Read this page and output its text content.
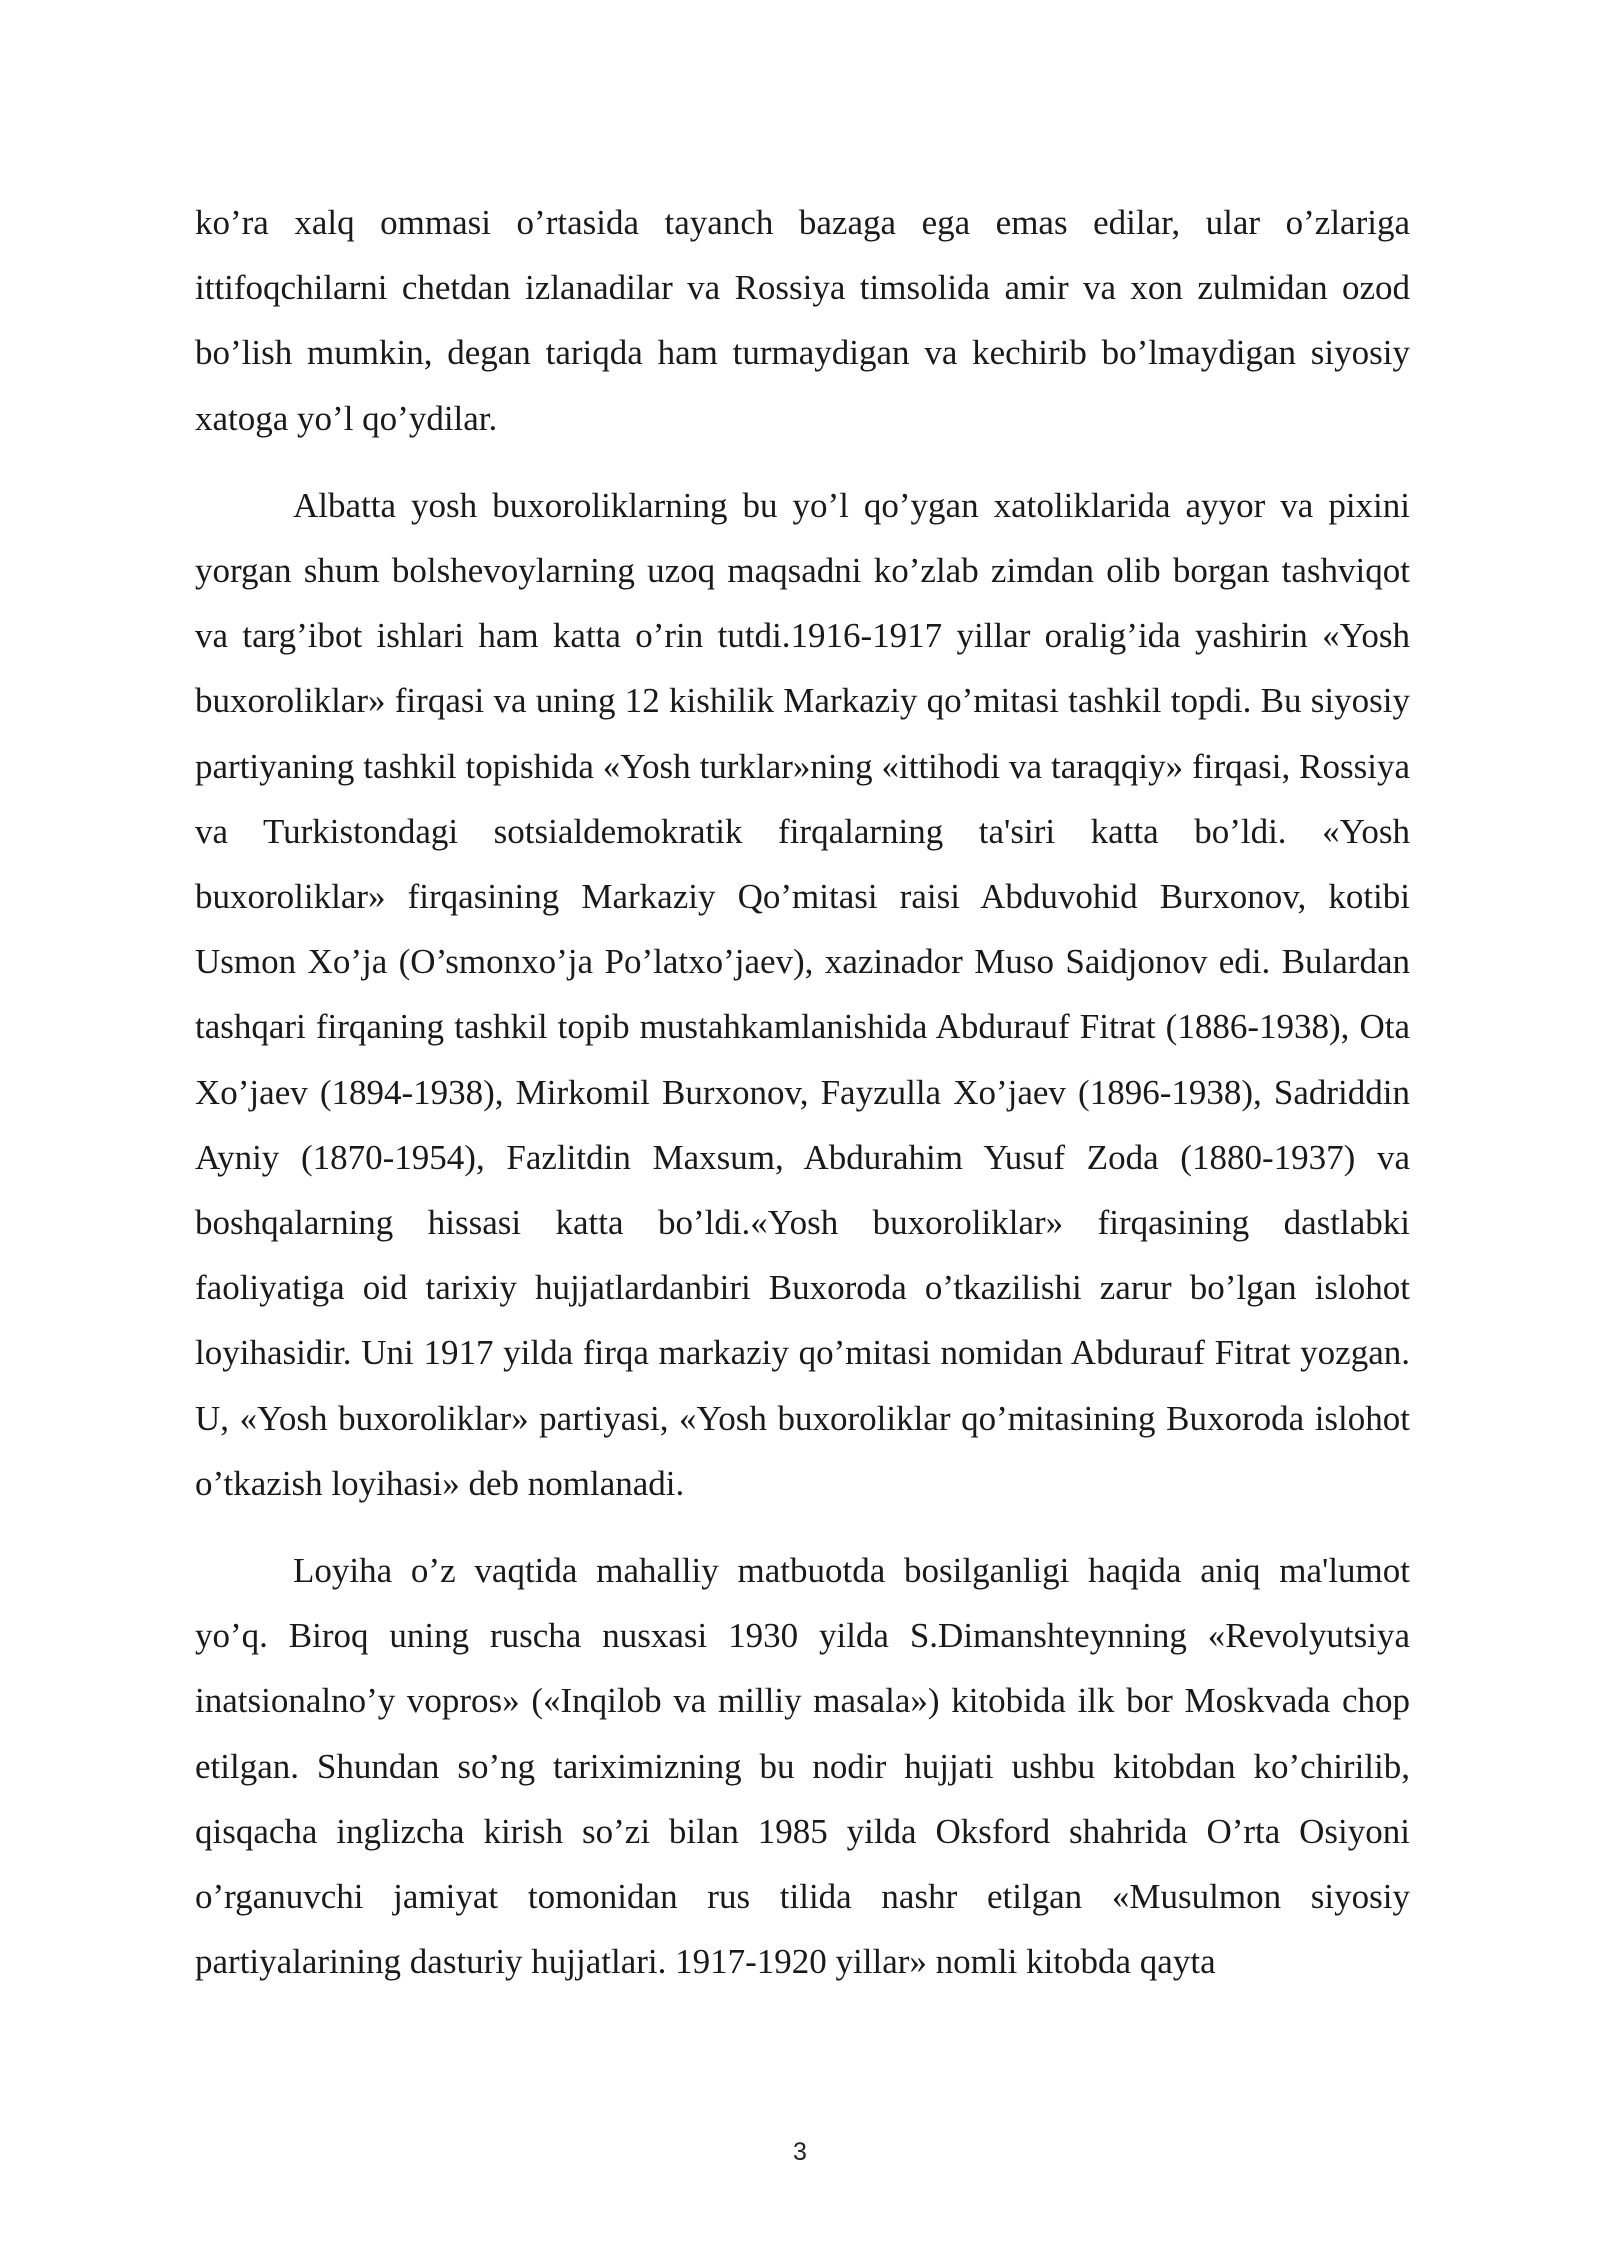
ko’ra xalq ommasi o’rtasida tayanch bazaga ega emas edilar, ular o’zlariga ittifoqchilarni chetdan izlanadilar va Rossiya timsolida amir va xon zulmidan ozod bo’lish mumkin, degan tariqda ham turmaydigan va kechirib bo’lmaydigan siyosiy xatoga yo’l qo’ydilar.

Albatta yosh buxoroliklarning bu yo’l qo’ygan xatoliklarida ayyor va pixini yorgan shum bolshevoylarning uzoq maqsadni ko’zlab zimdan olib borgan tashviqot va targ’ibot ishlari ham katta o’rin tutdi.1916-1917 yillar oralig’ida yashirin «Yosh buxoroliklar» firqasi va uning 12 kishilik Markaziy qo’mitasi tashkil topdi. Bu siyosiy partiyaning tashkil topishida «Yosh turklar»ning «ittihodi va taraqqiy» firqasi, Rossiya va Turkistondagi sotsialdemokratik firqalarning ta'siri katta bo’ldi. «Yosh buxoroliklar» firqasining Markaziy Qo’mitasi raisi Abduvohid Burxonov, kotibi Usmon Xo’ja (O’smonxo’ja Po’latxo’jaev), xazinador Muso Saidjonov edi. Bulardan tashqari firqaning tashkil topib mustahkamlanishida Abdurauf Fitrat (1886-1938), Ota Xo’jaev (1894-1938), Mirkomil Burxonov, Fayzulla Xo’jaev (1896-1938), Sadriddin Ayniy (1870-1954), Fazlitdin Maxsum, Abdurahim Yusuf Zoda (1880-1937) va boshqalarning hissasi katta bo’ldi.«Yosh buxoroliklar» firqasining dastlabki faoliyatiga oid tarixiy hujjatlardanbiri Buxoroda o’tkazilishi zarur bo’lgan islohot loyihasidir. Uni 1917 yilda firqa markaziy qo’mitasi nomidan Abdurauf Fitrat yozgan. U, «Yosh buxoroliklar» partiyasi, «Yosh buxoroliklar qo’mitasining Buxoroda islohot o’tkazish loyihasi» deb nomlanadi.

Loyiha o’z vaqtida mahalliy matbuotda bosilganligi haqida aniq ma'lumot yo’q. Biroq uning ruscha nusxasi 1930 yilda S.Dimanshteynning «Revolyutsiya inatsionalno’y vopros» («Inqilob va milliy masala») kitobida ilk bor Moskvada chop etilgan. Shundan so’ng tariximizning bu nodir hujjati ushbu kitobdan ko’chirilib, qisqacha inglizcha kirish so’zi bilan 1985 yilda Oksford shahrida O’rta Osiyoni o’rganuvchi jamiyat tomonidan rus tilida nashr etilgan «Musulmon siyosiy partiyalarining dasturiy hujjatlari. 1917-1920 yillar» nomli kitobda qayta

3
